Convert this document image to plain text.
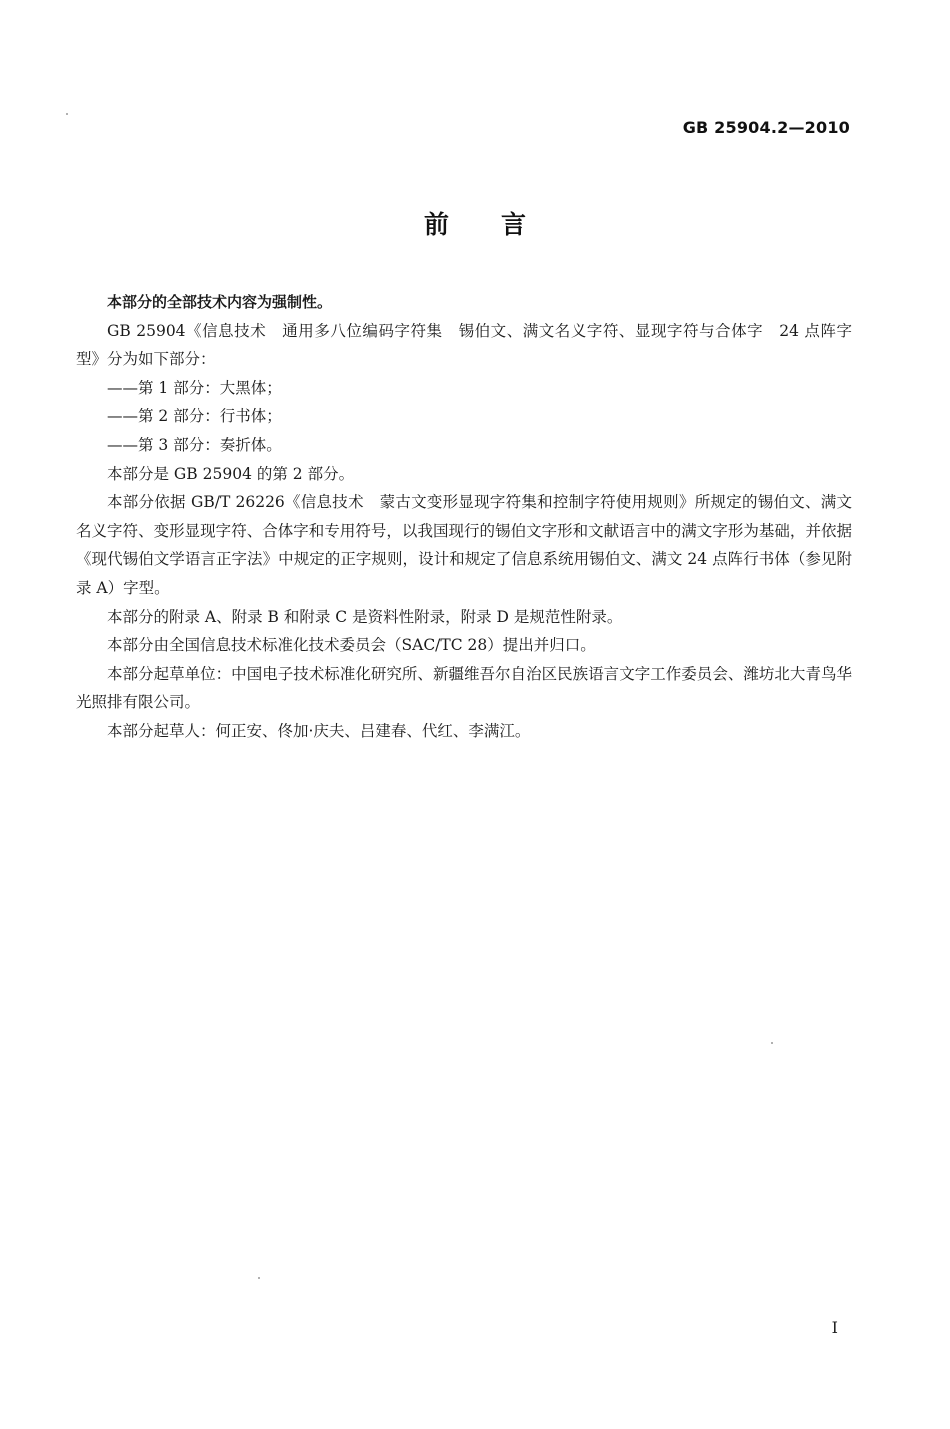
GB 25904.2—2010
前言

本部分的全部技术内容为强制性。

GB 25904《信息技术　通用多八位编码字符集　锡伯文、满文名义字符、显现字符与合体字　24 点阵字型》分为如下部分：

——第 1 部分：大黑体；

——第 2 部分：行书体；

——第 3 部分：奏折体。

本部分是 GB 25904 的第 2 部分。

本部分依据 GB/T 26226《信息技术　蒙古文变形显现字符集和控制字符使用规则》所规定的锡伯文、满文名义字符、变形显现字符、合体字和专用符号，以我国现行的锡伯文字形和文献语言中的满文字形为基础，并依据《现代锡伯文学语言正字法》中规定的正字规则，设计和规定了信息系统用锡伯文、满文 24 点阵行书体（参见附录 A）字型。

本部分的附录 A、附录 B 和附录 C 是资料性附录，附录 D 是规范性附录。

本部分由全国信息技术标准化技术委员会（SAC/TC 28）提出并归口。

本部分起草单位：中国电子技术标准化研究所、新疆维吾尔自治区民族语言文字工作委员会、潍坊北大青鸟华光照排有限公司。

本部分起草人：何正安、佟加·庆夫、吕建春、代红、李满江。

I
